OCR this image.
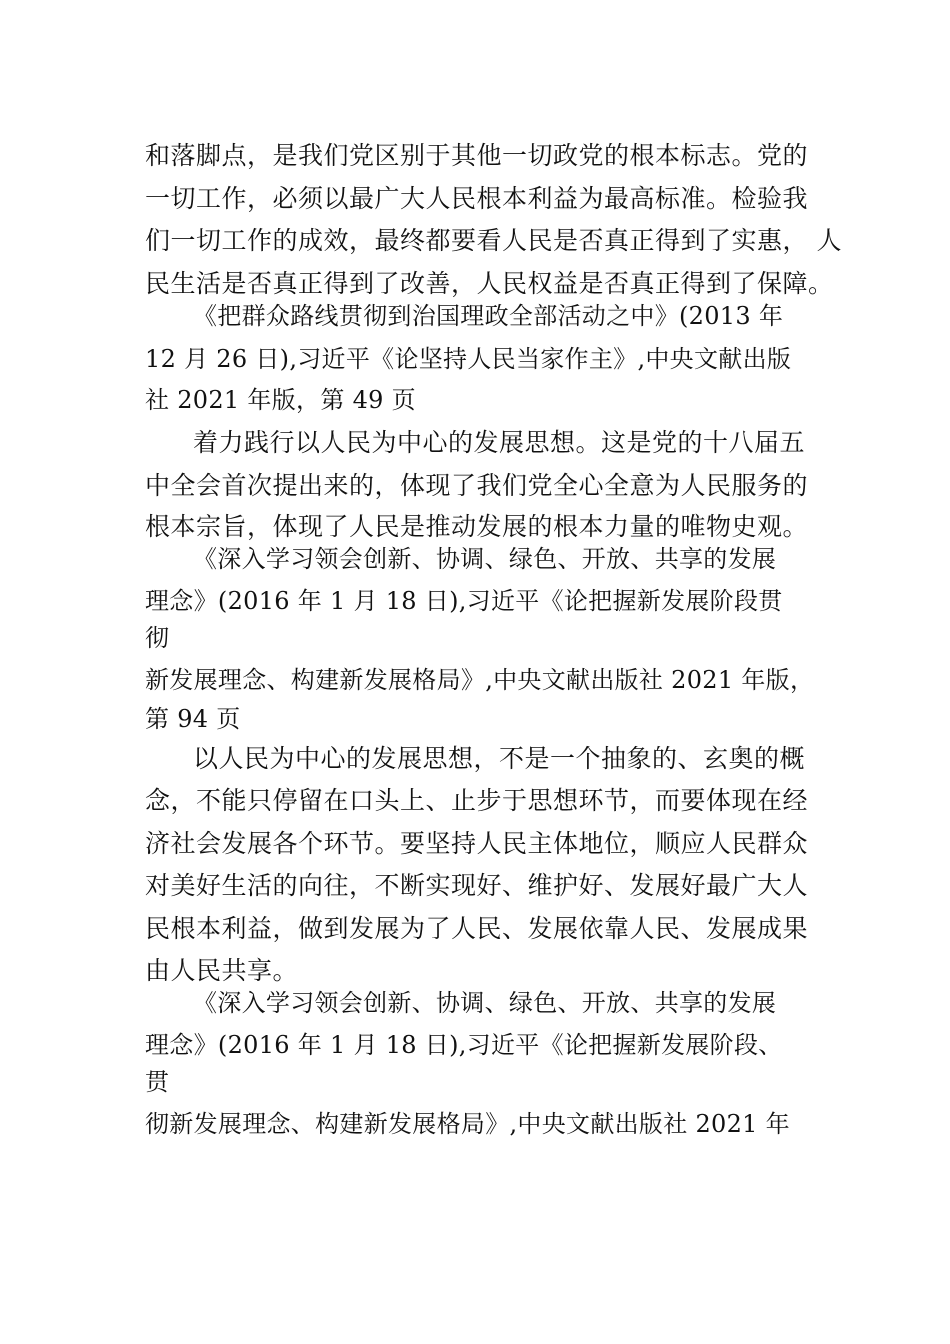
和落脚点，是我们党区别于其他一切政党的根本标志。党的
一切工作，必须以最广大人民根本利益为最高标准。检验我
们一切工作的成效，最终都要看人民是否真正得到了实惠， 人
民生活是否真正得到了改善，人民权益是否真正得到了保障。
《把群众路线贯彻到治国理政全部活动之中》(2013 年
12 月 26 日),习近平《论坚持人民当家作主》,中央文献出版
社 2021 年版，第 49 页
着力践行以人民为中心的发展思想。这是党的十八届五
中全会首次提出来的，体现了我们党全心全意为人民服务的
根本宗旨，体现了人民是推动发展的根本力量的唯物史观。
《深入学习领会创新、协调、绿色、开放、共享的发展
理念》(2016 年 1 月 18 日),习近平《论把握新发展阶段贯
彻
新发展理念、构建新发展格局》,中央文献出版社 2021 年版，
第 94 页
以人民为中心的发展思想，不是一个抽象的、玄奥的概
念，不能只停留在口头上、止步于思想环节，而要体现在经
济社会发展各个环节。要坚持人民主体地位，顺应人民群众
对美好生活的向往，不断实现好、维护好、发展好最广大人
民根本利益，做到发展为了人民、发展依靠人民、发展成果
由人民共享。
《深入学习领会创新、协调、绿色、开放、共享的发展
理念》(2016 年 1 月 18 日),习近平《论把握新发展阶段、
贯
彻新发展理念、构建新发展格局》,中央文献出版社 2021 年
